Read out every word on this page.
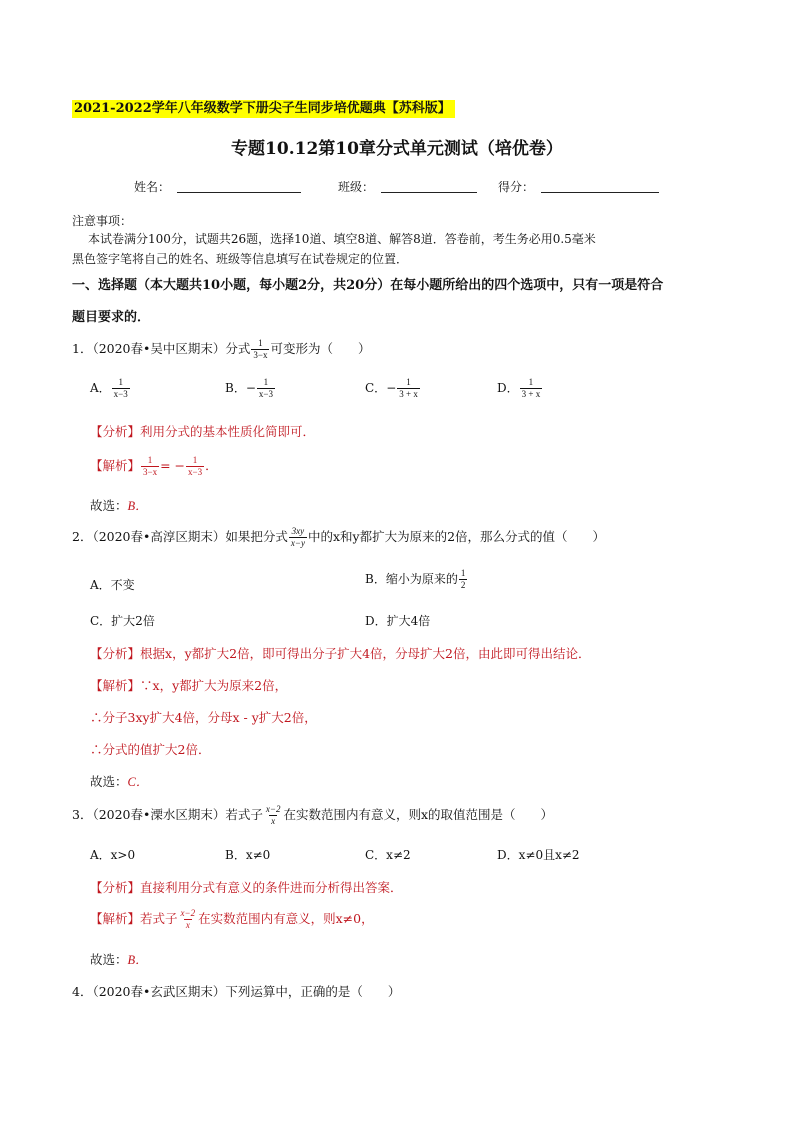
2021-2022学年八年级数学下册尖子生同步培优题典【苏科版】
专题10.12第10章分式单元测试（培优卷）
姓名：	班级：	得分：
注意事项：
本试卷满分100分，试题共26题，选择10道、填空8道、解答8道．答卷前，考生务必用0.5毫米
黑色签字笔将自己的姓名、班级等信息填写在试卷规定的位置．
一、选择题（本大题共10小题，每小题2分，共20分）在每小题所给出的四个选项中，只有一项是符合
题目要求的．
1．（2020春•吴中区期末）分式 $\frac{1}{3-x}$ 可变形为（　　）
A． $\frac{1}{x-3}$	B．− $\frac{1}{x-3}$	C．− $\frac{1}{3 + x}$	D． $\frac{1}{3 + x}$
【分析】利用分式的基本性质化简即可．
【解析】 $\frac{1}{3-x}$ = − $\frac{1}{x-3}$ ．
故选：B．
2．（2020春•高淳区期末）如果把分式 $\frac{3xy}{x-y}$ 中的x和y都扩大为原来的2倍，那么分式的值（　　）
A．不变	B．缩小为原来的 $\frac{1}{2}$
C．扩大2倍	D．扩大4倍
【分析】根据x，y都扩大2倍，即可得出分子扩大4倍，分母扩大2倍，由此即可得出结论．
【解析】∵x，y都扩大为原来2倍，
∴分子3xy扩大4倍，分母x - y扩大2倍，
∴分式的值扩大2倍．
故选：C．
3．（2020春•溧水区期末）若式子 $\frac{x-2}{x}$ 在实数范围内有意义，则x的取值范围是（　　）
A．x>0	B．x≠0	C．x≠2	D．x≠0且x≠2
【分析】直接利用分式有意义的条件进而分析得出答案．
【解析】若式子 $\frac{x-2}{x}$ 在实数范围内有意义，则x≠0，
故选：B．
4．（2020春•玄武区期末）下列运算中，正确的是（　　）
